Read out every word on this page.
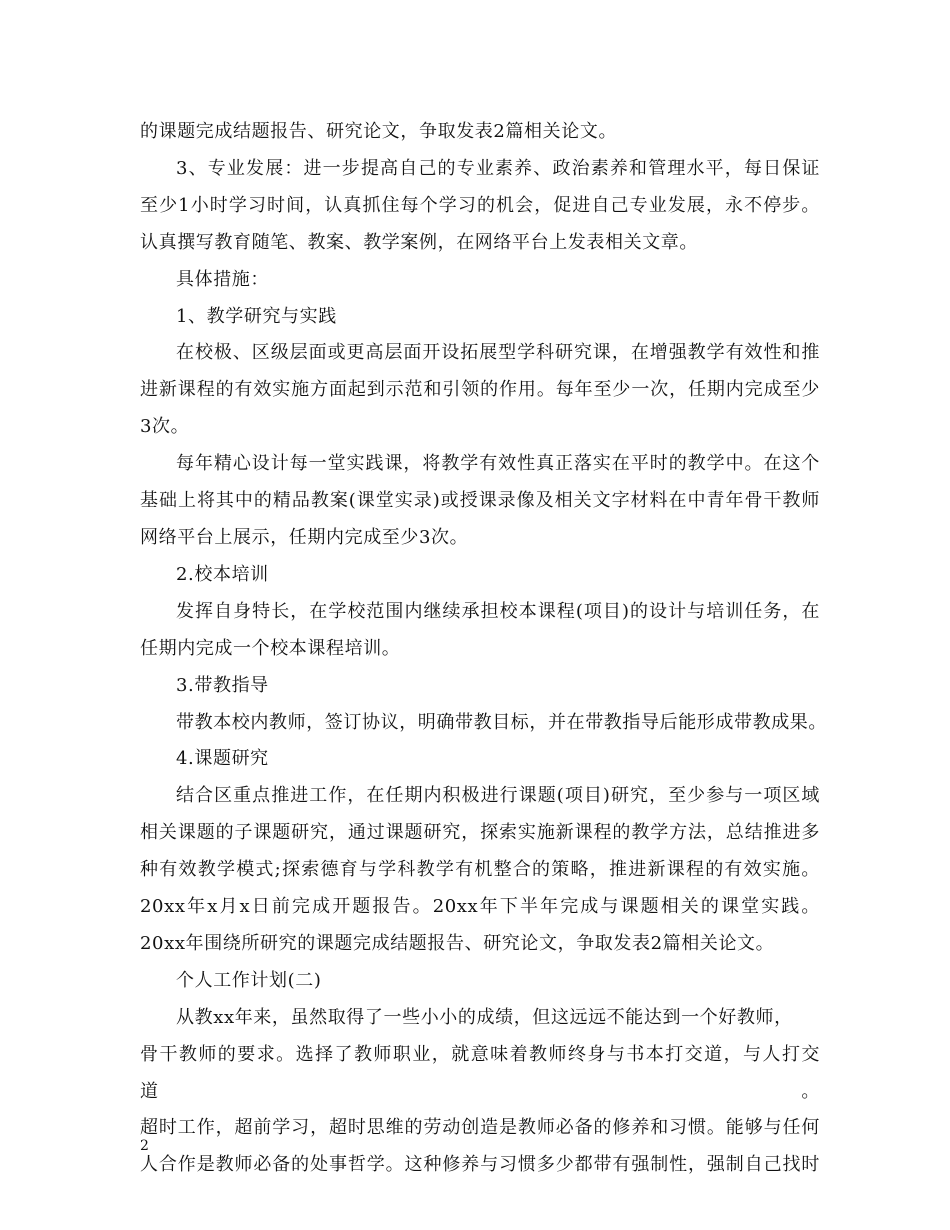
的课题完成结题报告、研究论文，争取发表2篇相关论文。

3、专业发展：进一步提高自己的专业素养、政治素养和管理水平，每日保证

至少1小时学习时间，认真抓住每个学习的机会，促进自己专业发展，永不停步。

认真撰写教育随笔、教案、教学案例，在网络平台上发表相关文章。

具体措施：

1、教学研究与实践

在校极、区级层面或更高层面开设拓展型学科研究课，在增强教学有效性和推

进新课程的有效实施方面起到示范和引领的作用。每年至少一次，任期内完成至少

3次。

每年精心设计每一堂实践课，将教学有效性真正落实在平时的教学中。在这个

基础上将其中的精品教案(课堂实录)或授课录像及相关文字材料在中青年骨干教师

网络平台上展示，任期内完成至少3次。

2.校本培训

发挥自身特长，在学校范围内继续承担校本课程(项目)的设计与培训任务，在

任期内完成一个校本课程培训。

3.带教指导

带教本校内教师，签订协议，明确带教目标，并在带教指导后能形成带教成果。

4.课题研究

结合区重点推进工作，在任期内积极进行课题(项目)研究，至少参与一项区域

相关课题的子课题研究，通过课题研究，探索实施新课程的教学方法，总结推进多

种有效教学模式;探索德育与学科教学有机整合的策略，推进新课程的有效实施。

20xx年x月x日前完成开题报告。20xx年下半年完成与课题相关的课堂实践。

20xx年围绕所研究的课题完成结题报告、研究论文，争取发表2篇相关论文。

个人工作计划(二)

从教xx年来，虽然取得了一些小小的成绩，但这远远不能达到一个好教师，

骨干教师的要求。选择了教师职业，就意味着教师终身与书本打交道，与人打交道。

超时工作，超前学习，超时思维的劳动创造是教师必备的修养和习惯。能够与任何

人合作是教师必备的处事哲学。这种修养与习惯多少都带有强制性，强制自己找时

2
